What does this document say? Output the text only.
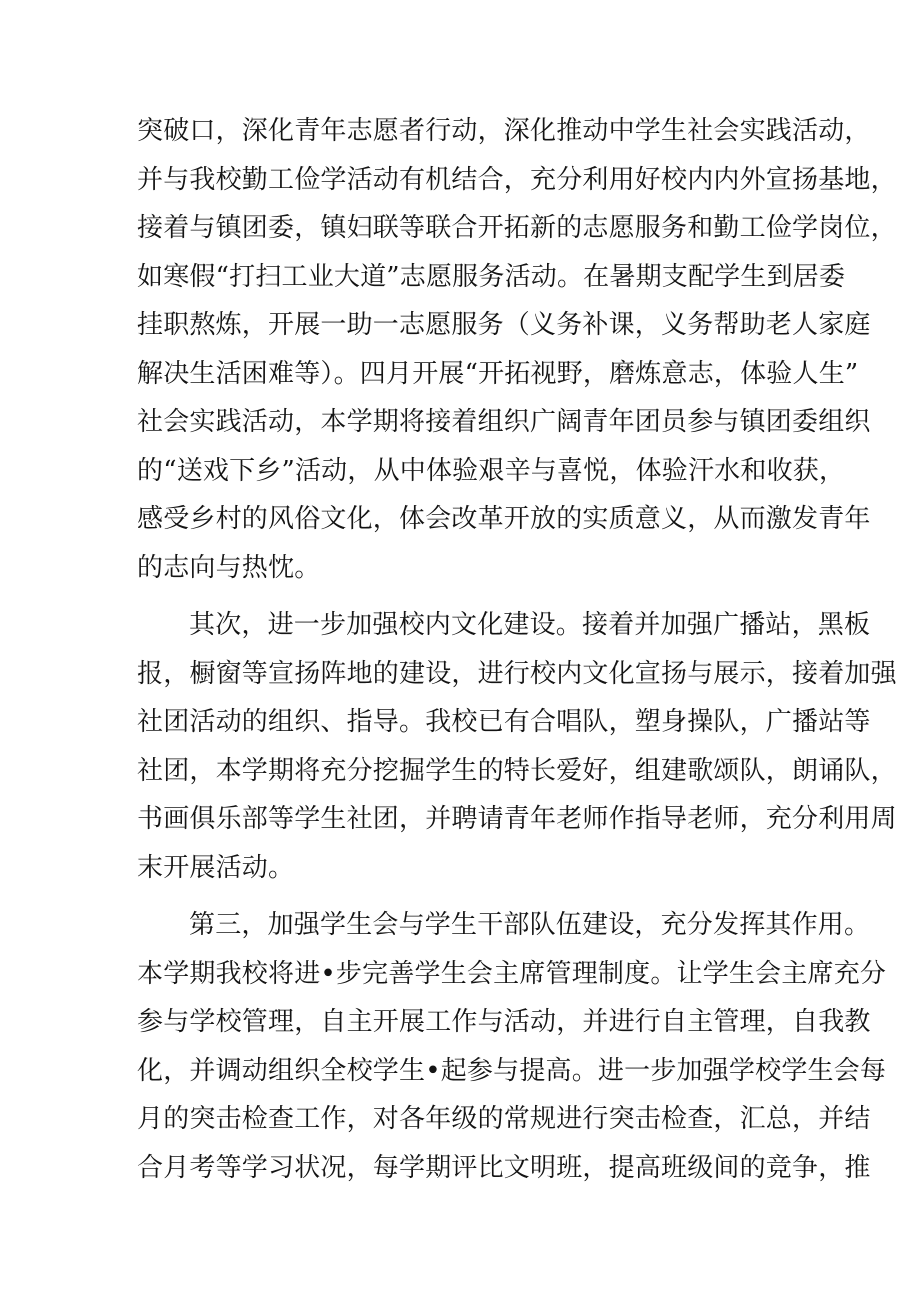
突破口，深化青年志愿者行动，深化推动中学生社会实践活动，
并与我校勤工俭学活动有机结合，充分利用好校内内外宣扬基地，
接着与镇团委，镇妇联等联合开拓新的志愿服务和勤工俭学岗位，
如寒假“打扫工业大道”志愿服务活动。在暑期支配学生到居委
挂职熬炼，开展一助一志愿服务（义务补课，义务帮助老人家庭
解决生活困难等）。四月开展“开拓视野，磨炼意志，体验人生”
社会实践活动，本学期将接着组织广阔青年团员参与镇团委组织
的“送戏下乡”活动，从中体验艰辛与喜悦，体验汗水和收获，
感受乡村的风俗文化，体会改革开放的实质意义，从而激发青年
的志向与热忱。
其次，进一步加强校内文化建设。接着并加强广播站，黑板
报，橱窗等宣扬阵地的建设，进行校内文化宣扬与展示，接着加强
社团活动的组织、指导。我校已有合唱队，塑身操队，广播站等
社团，本学期将充分挖掘学生的特长爱好，组建歌颂队，朗诵队，
书画俱乐部等学生社团，并聘请青年老师作指导老师，充分利用周
末开展活动。
第三，加强学生会与学生干部队伍建设，充分发挥其作用。
本学期我校将进•步完善学生会主席管理制度。让学生会主席充分
参与学校管理，自主开展工作与活动，并进行自主管理，自我教
化，并调动组织全校学生•起参与提高。进一步加强学校学生会每
月的突击检查工作，对各年级的常规进行突击检查，汇总，并结
合月考等学习状况，每学期评比文明班，提高班级间的竞争，推
